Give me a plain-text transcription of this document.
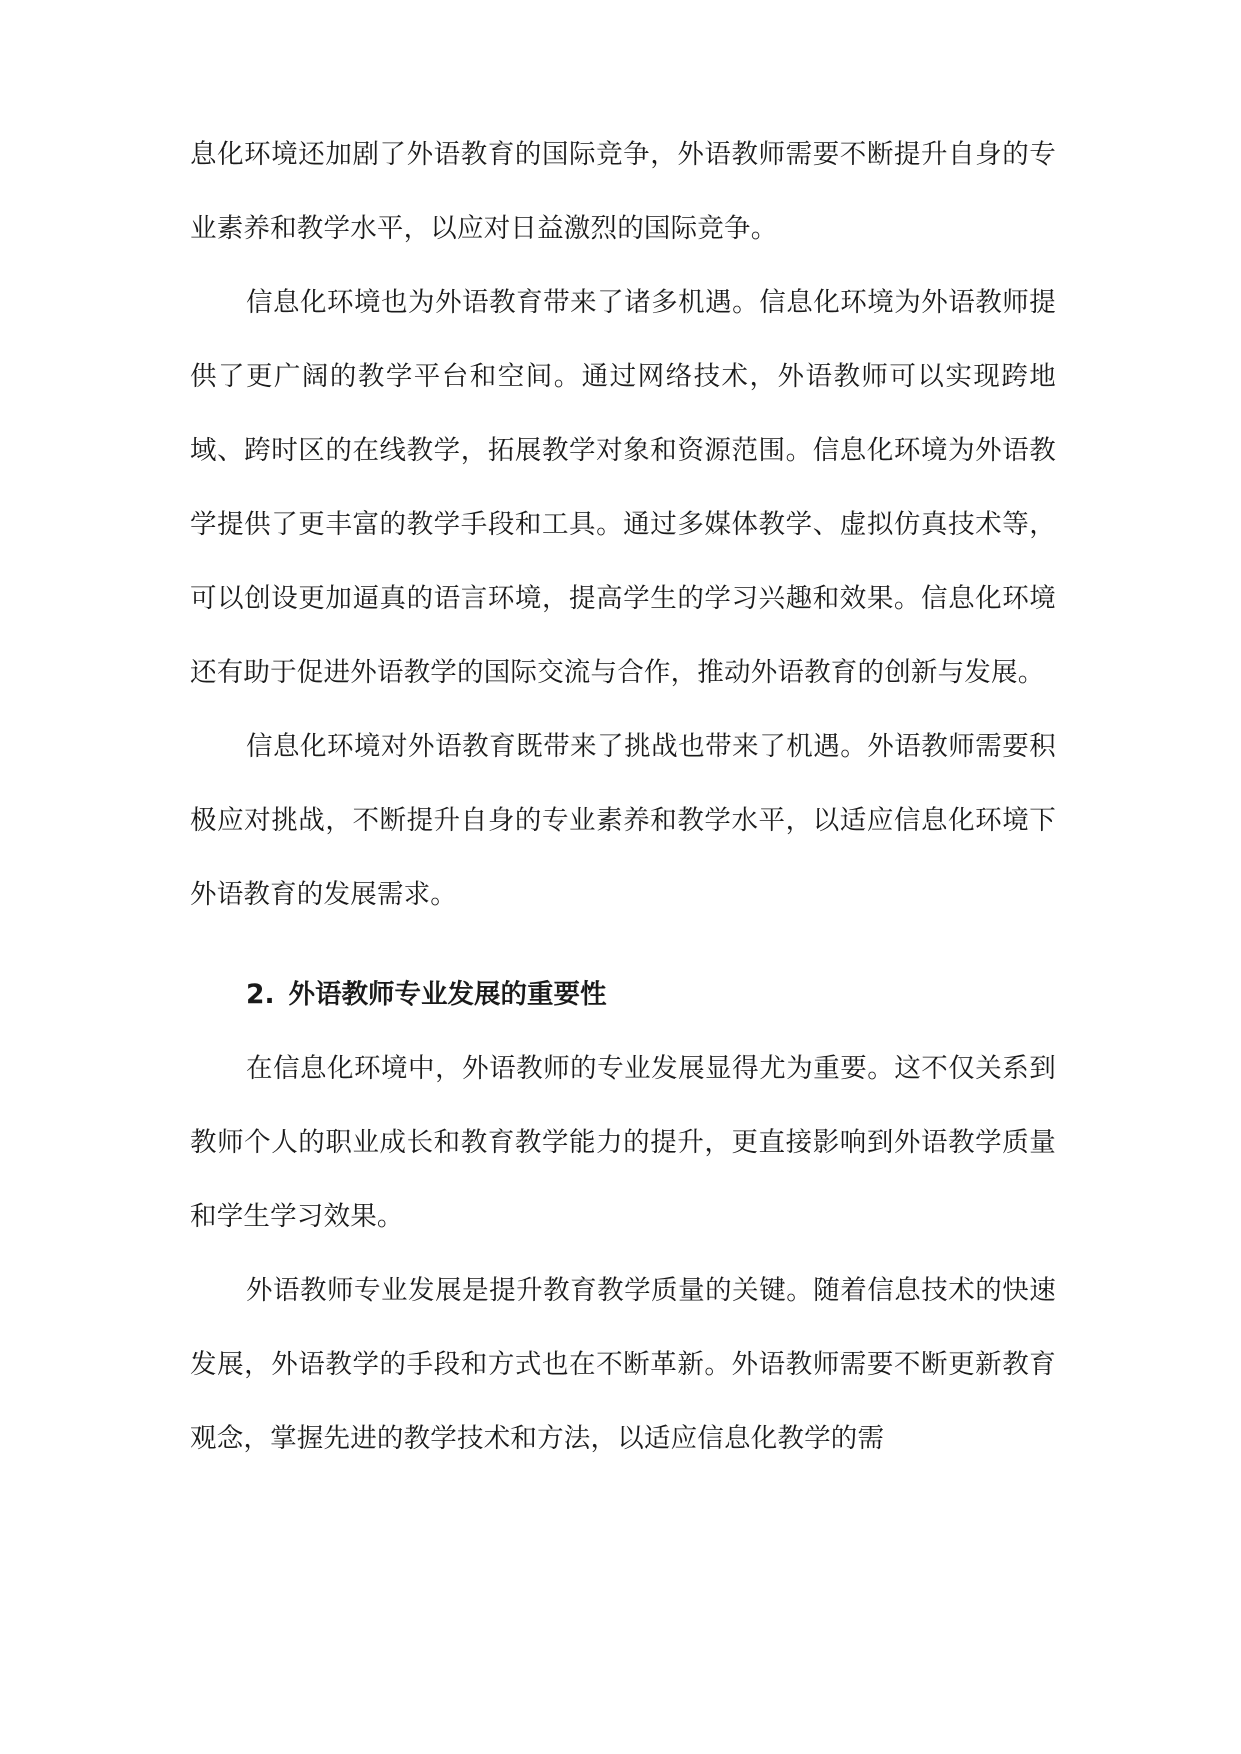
息化环境还加剧了外语教育的国际竞争，外语教师需要不断提升自身的专业素养和教学水平，以应对日益激烈的国际竞争。

信息化环境也为外语教育带来了诸多机遇。信息化环境为外语教师提供了更广阔的教学平台和空间。通过网络技术，外语教师可以实现跨地域、跨时区的在线教学，拓展教学对象和资源范围。信息化环境为外语教学提供了更丰富的教学手段和工具。通过多媒体教学、虚拟仿真技术等，可以创设更加逼真的语言环境，提高学生的学习兴趣和效果。信息化环境还有助于促进外语教学的国际交流与合作，推动外语教育的创新与发展。

信息化环境对外语教育既带来了挑战也带来了机遇。外语教师需要积极应对挑战，不断提升自身的专业素养和教学水平，以适应信息化环境下外语教育的发展需求。

2. 外语教师专业发展的重要性

在信息化环境中，外语教师的专业发展显得尤为重要。这不仅关系到教师个人的职业成长和教育教学能力的提升，更直接影响到外语教学质量和学生学习效果。

外语教师专业发展是提升教育教学质量的关键。随着信息技术的快速发展，外语教学的手段和方式也在不断革新。外语教师需要不断更新教育观念，掌握先进的教学技术和方法，以适应信息化教学的需
